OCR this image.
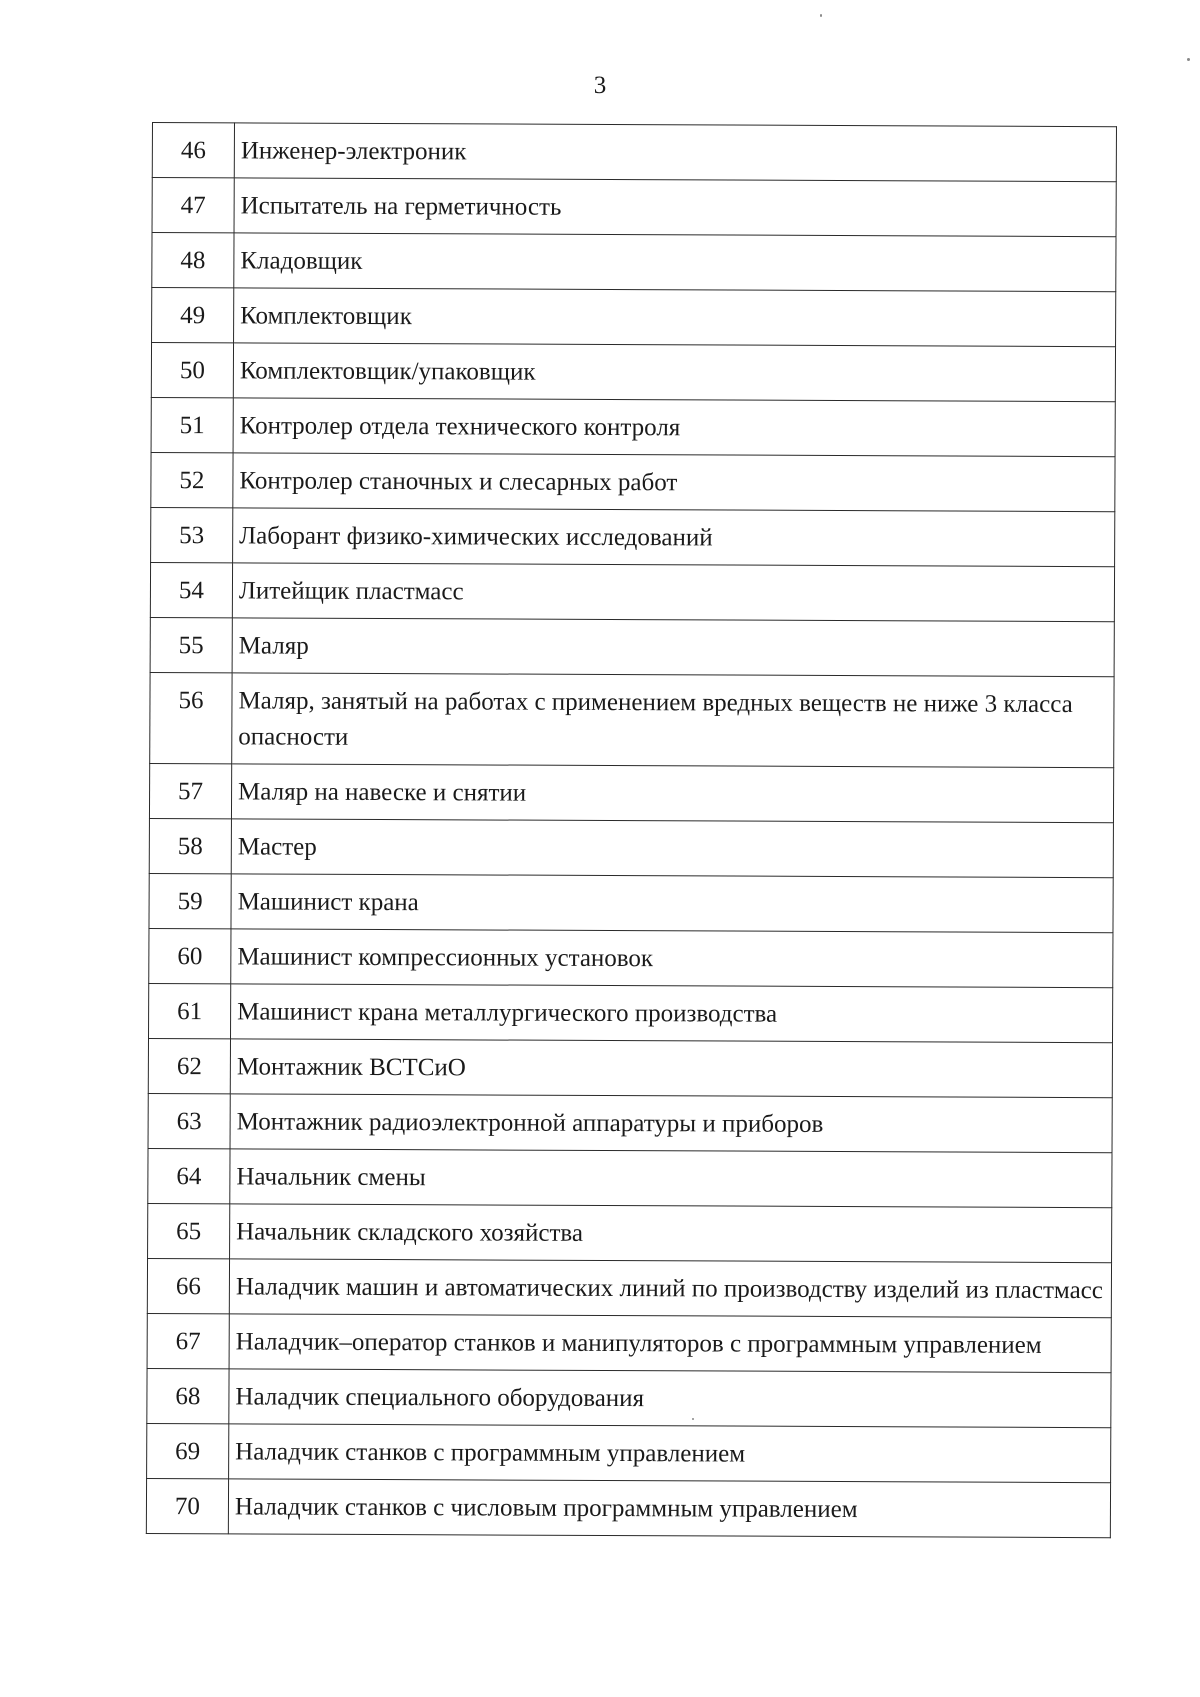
3
46	Инженер-электроник
47	Испытатель на герметичность
48	Кладовщик
49	Комплектовщик
50	Комплектовщик/упаковщик
51	Контролер отдела технического контроля
52	Контролер станочных и слесарных работ
53	Лаборант физико-химических исследований
54	Литейщик пластмасс
55	Маляр
56	Маляр, занятый на работах с применением вредных веществ не ниже 3 класса опасности
57	Маляр на навеске и снятии
58	Мастер
59	Машинист крана
60	Машинист компрессионных установок
61	Машинист крана металлургического производства
62	Монтажник ВСТСиО
63	Монтажник радиоэлектронной аппаратуры и приборов
64	Начальник смены
65	Начальник складского хозяйства
66	Наладчик машин и автоматических линий по производству изделий из пластмасс
67	Наладчик–оператор станков и манипуляторов с программным управлением
68	Наладчик специального оборудования
69	Наладчик станков с программным управлением
70	Наладчик станков с числовым программным управлением
